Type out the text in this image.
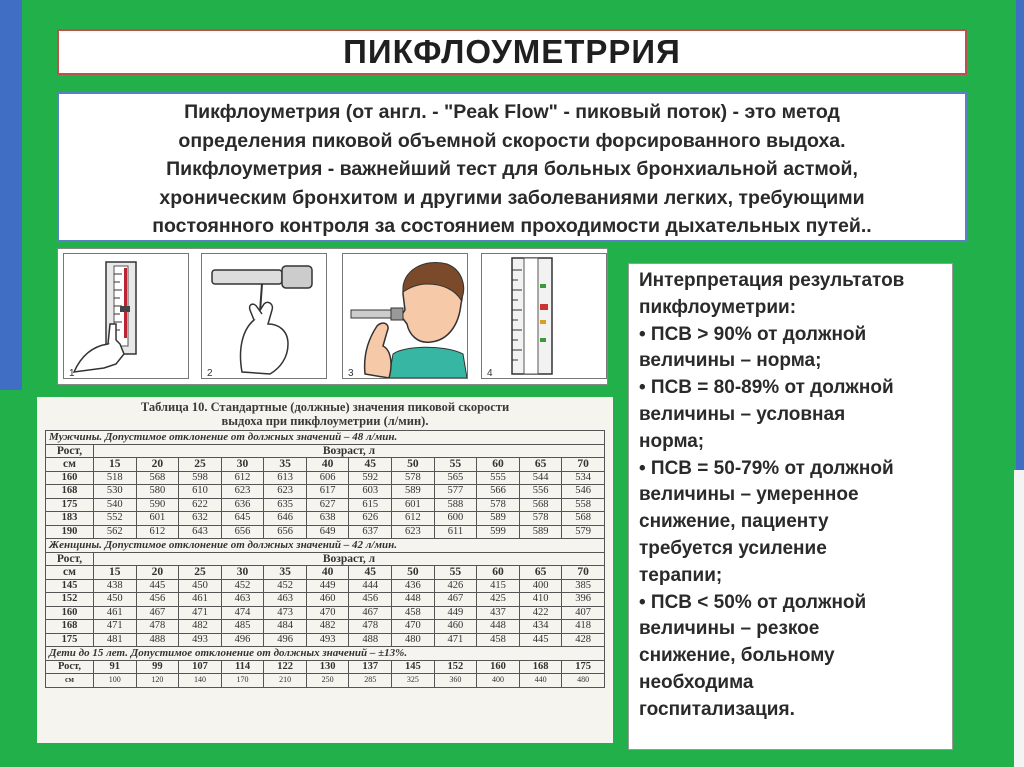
ПИКФЛОУМЕТРРИЯ
Пикфлоуметрия (от англ. - "Peak Flow" - пиковый поток) - это метод
определения пиковой объемной скорости форсированного выдоха.
Пикфлоуметрия - важнейший тест для больных бронхиальной астмой,
хроническим бронхитом и другими заболеваниями легких, требующими
постоянного контроля за состоянием проходимости дыхательных путей..
1	2	3	4
Интерпретация результатов
пикфлоуметрии:
• ПСВ > 90% от должной
величины – норма;
• ПСВ = 80-89% от должной
величины – условная
норма;
• ПСВ = 50-79% от должной
величины – умеренное
снижение, пациенту
требуется усиление
терапии;
• ПСВ < 50% от должной
величины – резкое
снижение, больному
необходима
госпитализация.
Таблица 10. Стандартные (должные) значения пиковой скорости
выдоха при пикфлоуметрии (л/мин).
Мужчины. Допустимое отклонение от должных значений – 48 л/мин.												
Рост,	Возраст, л											
см	15	20	25	30	35	40	45	50	55	60	65	70
160	518	568	598	612	613	606	592	578	565	555	544	534
168	530	580	610	623	623	617	603	589	577	566	556	546
175	540	590	622	636	635	627	615	601	588	578	568	558
183	552	601	632	645	646	638	626	612	600	589	578	568
190	562	612	643	656	656	649	637	623	611	599	589	579
Женщины. Допустимое отклонение от должных значений – 42 л/мин.												
Рост,	Возраст, л											
см	15	20	25	30	35	40	45	50	55	60	65	70
145	438	445	450	452	452	449	444	436	426	415	400	385
152	450	456	461	463	463	460	456	448	467	425	410	396
160	461	467	471	474	473	470	467	458	449	437	422	407
168	471	478	482	485	484	482	478	470	460	448	434	418
175	481	488	493	496	496	493	488	480	471	458	445	428
Дети до 15 лет. Допустимое отклонение от должных значений – ±13%.												
Рост,	91	99	107	114	122	130	137	145	152	160	168	175
см	100	120	140	170	210	250	285	325	360	400	440	480
